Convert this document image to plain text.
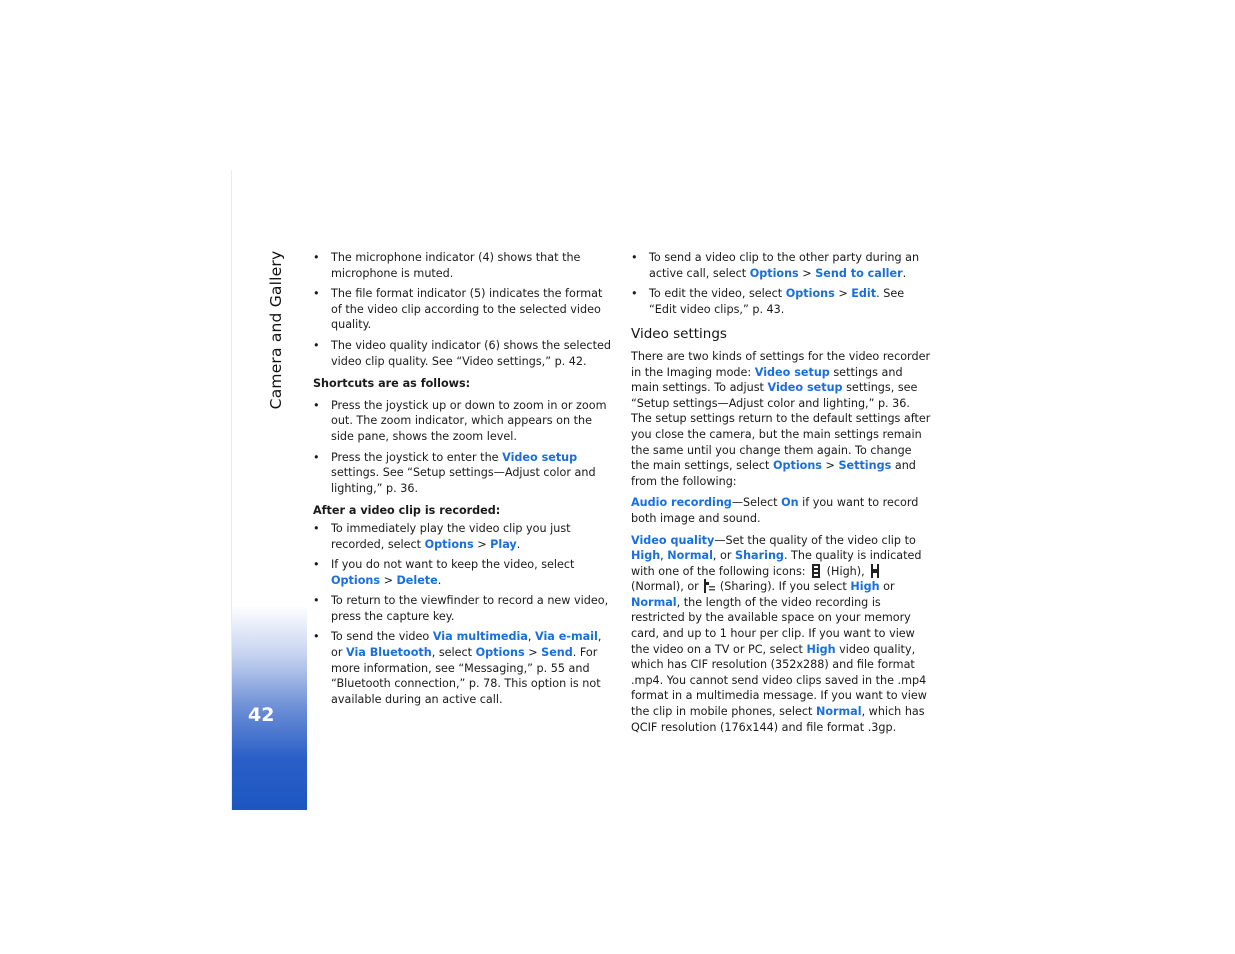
Camera and Gallery
42
• The microphone indicator (4) shows that the microphone is muted.
• The file format indicator (5) indicates the format of the video clip according to the selected video quality.
• The video quality indicator (6) shows the selected video clip quality. See “Video settings,” p. 42.
Shortcuts are as follows:
• Press the joystick up or down to zoom in or zoom out. The zoom indicator, which appears on the side pane, shows the zoom level.
• Press the joystick to enter the Video setup settings. See “Setup settings—Adjust color and lighting,” p. 36.
After a video clip is recorded:
• To immediately play the video clip you just recorded, select Options > Play.
• If you do not want to keep the video, select Options > Delete.
• To return to the viewfinder to record a new video, press the capture key.
• To send the video Via multimedia, Via e-mail, or Via Bluetooth, select Options > Send. For more information, see “Messaging,” p. 55 and “Bluetooth connection,” p. 78. This option is not available during an active call.
• To send a video clip to the other party during an active call, select Options > Send to caller.
• To edit the video, select Options > Edit. See “Edit video clips,” p. 43.
Video settings

There are two kinds of settings for the video recorder in the Imaging mode: Video setup settings and main settings. To adjust Video setup settings, see “Setup settings—Adjust color and lighting,” p. 36. The setup settings return to the default settings after you close the camera, but the main settings remain the same until you change them again. To change the main settings, select Options > Settings and from the following:

Audio recording—Select On if you want to record both image and sound.

Video quality—Set the quality of the video clip to High, Normal, or Sharing. The quality is indicated with one of the following icons:
(High),
(Normal), or
(Sharing). If you select High or Normal, the length of the video recording is restricted by the available space on your memory card, and up to 1 hour per clip. If you want to view the video on a TV or PC, select High video quality, which has CIF resolution (352x288) and file format .mp4. You cannot send video clips saved in the .mp4 format in a multimedia message. If you want to view the clip in mobile phones, select Normal, which has QCIF resolution (176x144) and file format .3gp.
